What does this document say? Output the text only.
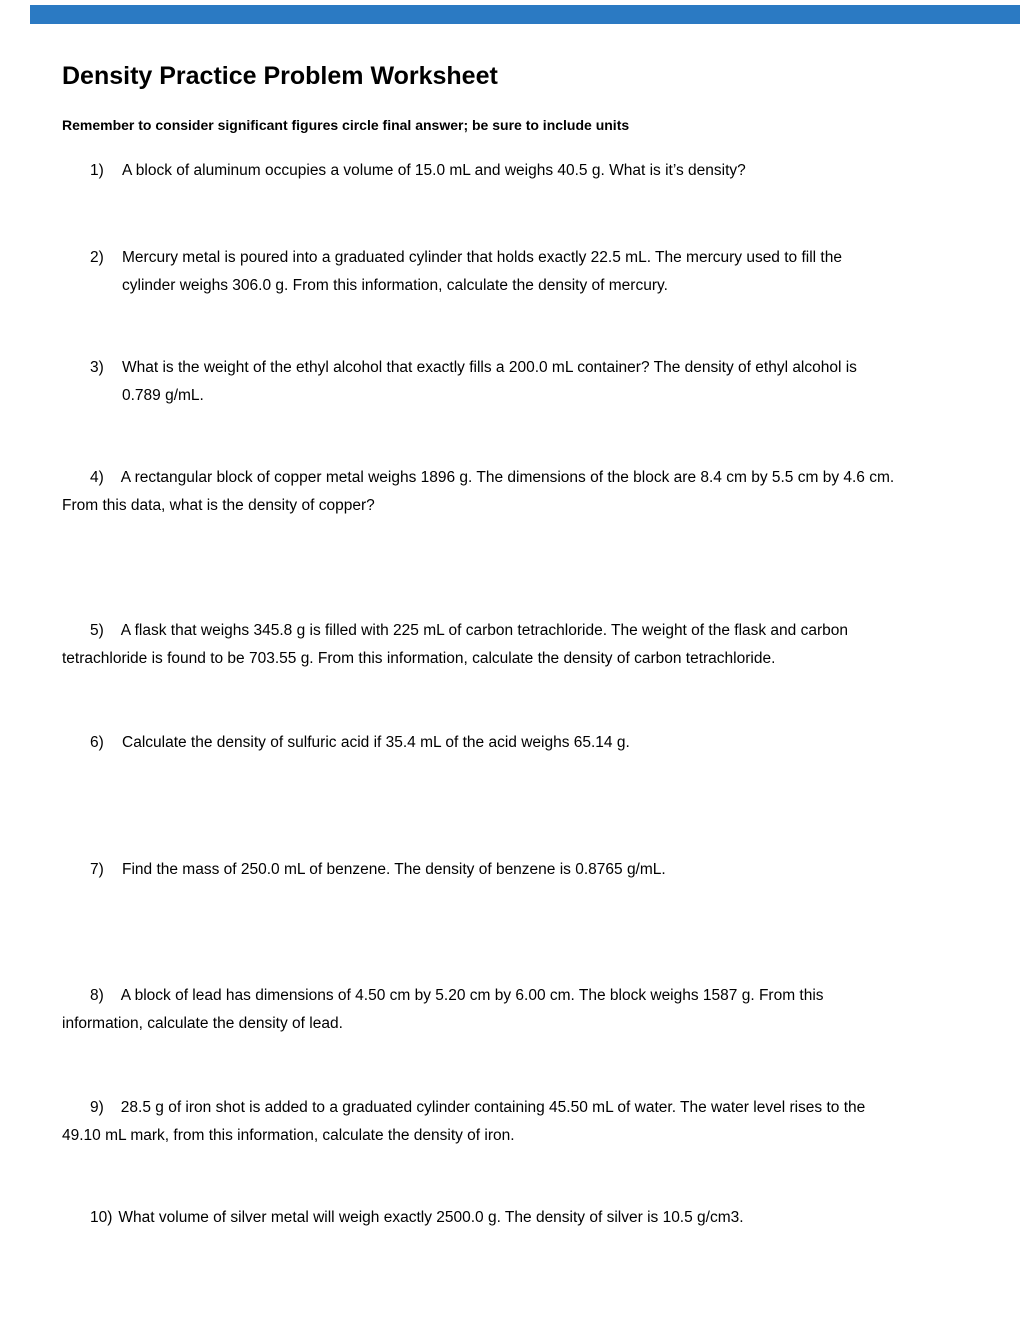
Density Practice Problem Worksheet
Remember to consider significant figures circle final answer; be sure to include units
1) A block of aluminum occupies a volume of 15.0 mL and weighs 40.5 g. What is it’s density?
2) Mercury metal is poured into a graduated cylinder that holds exactly 22.5 mL. The mercury used to fill the
cylinder weighs 306.0 g. From this information, calculate the density of mercury.
3) What is the weight of the ethyl alcohol that exactly fills a 200.0 mL container? The density of ethyl alcohol is
0.789 g/mL.
4) A rectangular block of copper metal weighs 1896 g. The dimensions of the block are 8.4 cm by 5.5 cm by 4.6 cm.
From this data, what is the density of copper?
5) A flask that weighs 345.8 g is filled with 225 mL of carbon tetrachloride. The weight of the flask and carbon
tetrachloride is found to be 703.55 g. From this information, calculate the density of carbon tetrachloride.
6) Calculate the density of sulfuric acid if 35.4 mL of the acid weighs 65.14 g.
7) Find the mass of 250.0 mL of benzene. The density of benzene is 0.8765 g/mL.
8) A block of lead has dimensions of 4.50 cm by 5.20 cm by 6.00 cm. The block weighs 1587 g. From this
information, calculate the density of lead.
9) 28.5 g of iron shot is added to a graduated cylinder containing 45.50 mL of water. The water level rises to the
49.10 mL mark, from this information, calculate the density of iron.
10) What volume of silver metal will weigh exactly 2500.0 g. The density of silver is 10.5 g/cm3.
